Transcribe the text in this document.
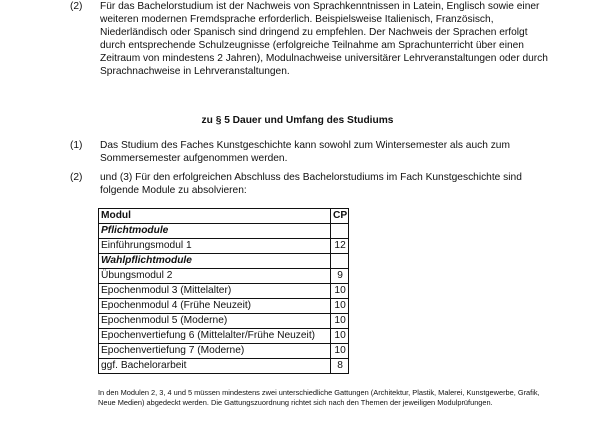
(2)	Für das Bachelorstudium ist der Nachweis von Sprachkenntnissen in Latein, Englisch sowie einer weiteren modernen Fremdsprache erforderlich. Beispielsweise Italienisch, Französisch, Niederländisch oder Spanisch sind dringend zu empfehlen. Der Nachweis der Sprachen erfolgt durch entsprechende Schulzeugnisse (erfolgreiche Teilnahme am Sprachunterricht über einen Zeitraum von mindestens 2 Jahren), Modulnachweise universitärer Lehrveranstaltungen oder durch Sprachnachweise in Lehrveranstaltungen.
zu § 5 Dauer und Umfang des Studiums
(1)	Das Studium des Faches Kunstgeschichte kann sowohl zum Wintersemester als auch zum Sommersemester aufgenommen werden.
(2)	und (3) Für den erfolgreichen Abschluss des Bachelorstudiums im Fach Kunstgeschichte sind folgende Module zu absolvieren:
Modul	CP
Pflichtmodule	
Einführungsmodul 1	12
Wahlpflichtmodule	
Übungsmodul 2	9
Epochenmodul 3 (Mittelalter)	10
Epochenmodul 4 (Frühe Neuzeit)	10
Epochenmodul 5 (Moderne)	10
Epochenvertiefung 6 (Mittelalter/Frühe Neuzeit)	10
Epochenvertiefung 7 (Moderne)	10
ggf. Bachelorarbeit	8
In den Modulen 2, 3, 4 und 5 müssen mindestens zwei unterschiedliche Gattungen (Architektur, Plastik, Malerei, Kunstgewerbe, Grafik, Neue Medien) abgedeckt werden. Die Gattungszuordnung richtet sich nach den Themen der jeweiligen Modulprüfungen.
